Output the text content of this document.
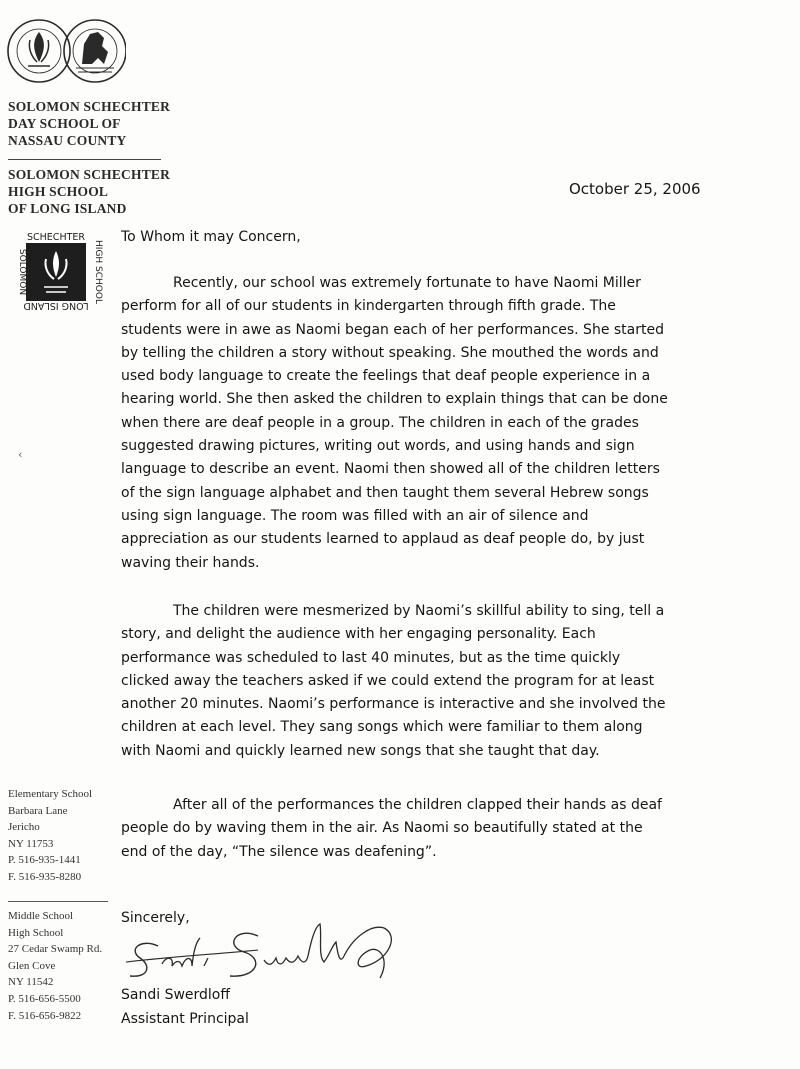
SOLOMON SCHECHTER
DAY SCHOOL OF
NASSAU COUNTY
SOLOMON SCHECHTER
HIGH SCHOOL
OF LONG ISLAND
SCHECHTER
LONG ISLAND
SOLOMON	HIGH SCHOOL
‹
Elementary School
Barbara Lane
Jericho
NY 11753
P. 516-935-1441
F. 516-935-8280
Middle School
High School
27 Cedar Swamp Rd.
Glen Cove
NY 11542
P. 516-656-5500
F. 516-656-9822
October 25, 2006
To Whom it may Concern,
Recently, our school was extremely fortunate to have Naomi Miller
perform for all of our students in kindergarten through fifth grade. The
students were in awe as Naomi began each of her performances. She started
by telling the children a story without speaking. She mouthed the words and
used body language to create the feelings that deaf people experience in a
hearing world. She then asked the children to explain things that can be done
when there are deaf people in a group. The children in each of the grades
suggested drawing pictures, writing out words, and using hands and sign
language to describe an event. Naomi then showed all of the children letters
of the sign language alphabet and then taught them several Hebrew songs
using sign language. The room was filled with an air of silence and
appreciation as our students learned to applaud as deaf people do, by just
waving their hands.
The children were mesmerized by Naomi’s skillful ability to sing, tell a
story, and delight the audience with her engaging personality. Each
performance was scheduled to last 40 minutes, but as the time quickly
clicked away the teachers asked if we could extend the program for at least
another 20 minutes. Naomi’s performance is interactive and she involved the
children at each level. They sang songs which were familiar to them along
with Naomi and quickly learned new songs that she taught that day.
After all of the performances the children clapped their hands as deaf
people do by waving them in the air. As Naomi so beautifully stated at the
end of the day, “The silence was deafening”.
Sincerely,
Sandi Swerdloff
Assistant Principal
